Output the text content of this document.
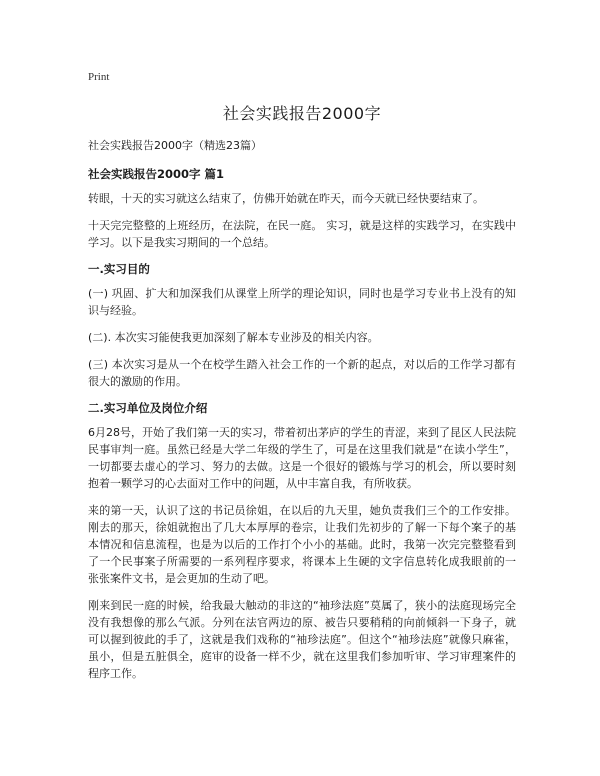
Print
社会实践报告2000字
社会实践报告2000字（精选23篇）
社会实践报告2000字 篇1

转眼，十天的实习就这么结束了，仿佛开始就在昨天，而今天就已经快要结束了。

十天完完整整的上班经历，在法院，在民一庭。 实习，就是这样的实践学习，在实践中学习。以下是我实习期间的一个总结。

一.实习目的

(一) 巩固、扩大和加深我们从课堂上所学的理论知识，同时也是学习专业书上没有的知识与经验。

(二). 本次实习能使我更加深刻了解本专业涉及的相关内容。

(三) 本次实习是从一个在校学生踏入社会工作的一个新的起点，对以后的工作学习都有很大的激励的作用。

二.实习单位及岗位介绍

6月28号，开始了我们第一天的实习，带着初出茅庐的学生的青涩，来到了昆区人民法院民事审判一庭。虽然已经是大学二年级的学生了，可是在这里我们就是“在读小学生”，一切都要去虚心的学习、努力的去做。这是一个很好的锻炼与学习的机会，所以要时刻抱着一颗学习的心去面对工作中的问题，从中丰富自我，有所收获。

来的第一天，认识了这的书记员徐姐，在以后的九天里，她负责我们三个的工作安排。刚去的那天，徐姐就抱出了几大本厚厚的卷宗，让我们先初步的了解一下每个案子的基本情况和信息流程，也是为以后的工作打个小小的基础。此时，我第一次完完整整看到了一个民事案子所需要的一系列程序要求，将课本上生硬的文字信息转化成我眼前的一张张案件文书，是会更加的生动了吧。

刚来到民一庭的时候，给我最大触动的非这的“袖珍法庭”莫属了，狭小的法庭现场完全没有我想像的那么气派。分列在法官两边的原、被告只要稍稍的向前倾斜一下身子，就可以握到彼此的手了，这就是我们戏称的“袖珍法庭”。但这个“袖珍法庭”就像只麻雀，虽小，但是五脏俱全，庭审的设备一样不少，就在这里我们参加听审、学习审理案件的程序工作。
